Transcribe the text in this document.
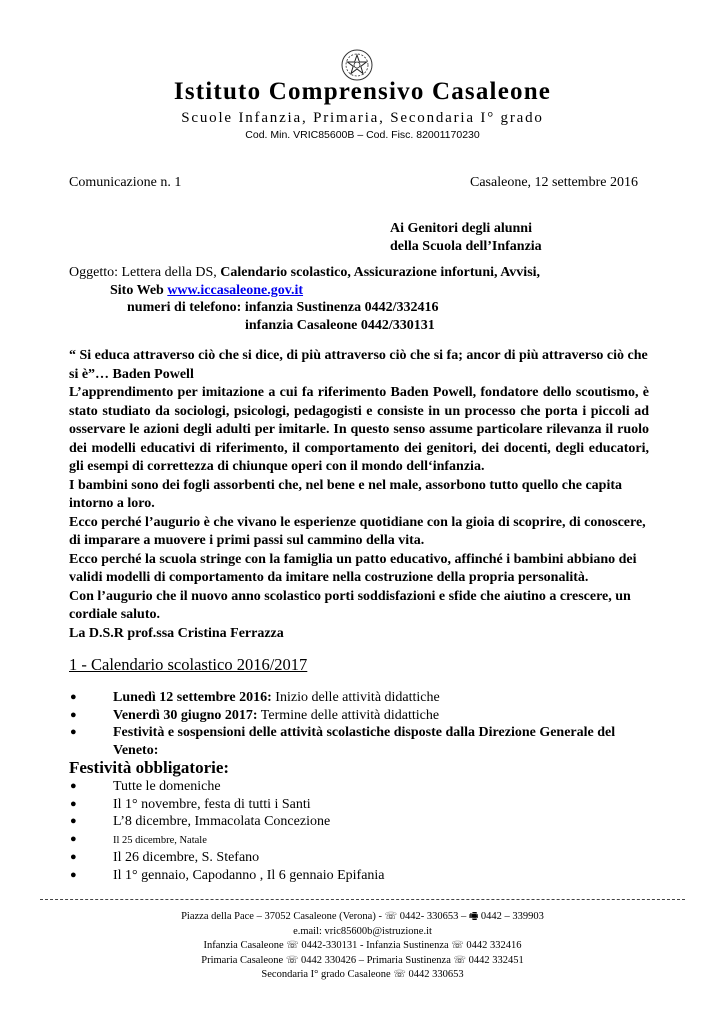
Istituto Comprensivo Casaleone
Scuole Infanzia, Primaria, Secondaria I° grado
Cod. Min. VRIC85600B – Cod. Fisc. 82001170230
Comunicazione n. 1	Casaleone, 12 settembre 2016
Ai Genitori degli alunni
della Scuola dell’Infanzia
Oggetto: Lettera della DS, Calendario scolastico, Assicurazione infortuni, Avvisi,
Sito Web www.iccasaleone.gov.it
numeri di telefono: infanzia Sustinenza 0442/332416
infanzia Casaleone 0442/330131

“ Si educa attraverso ciò che si dice, di più attraverso ciò che si fa; ancor di più attraverso ciò che si è”… Baden Powell

L’apprendimento per imitazione a cui fa riferimento Baden Powell, fondatore dello scoutismo, è stato studiato da sociologi, psicologi, pedagogisti e consiste in un processo che porta i piccoli ad osservare le azioni degli adulti per imitarle. In questo senso assume particolare rilevanza il ruolo dei modelli educativi di riferimento, il comportamento dei genitori, dei docenti, degli educatori, gli esempi di correttezza di chiunque operi con il mondo dell‘infanzia.

I bambini sono dei fogli assorbenti che, nel bene e nel male, assorbono tutto quello che capita intorno a loro.

Ecco perché l’augurio è che vivano le esperienze quotidiane con la gioia di scoprire, di conoscere, di imparare a muovere i primi passi sul cammino della vita.

Ecco perché la scuola stringe con la famiglia un patto educativo, affinché i bambini abbiano dei validi modelli di comportamento da imitare nella costruzione della propria personalità.

Con l’augurio che il nuovo anno scolastico porti soddisfazioni e sfide che aiutino a crescere, un cordiale saluto.

La D.S.R prof.ssa Cristina Ferrazza

1 - Calendario scolastico 2016/2017
●	Lunedì 12 settembre 2016: Inizio delle attività didattiche
●	Venerdì 30 giugno 2017: Termine delle attività didattiche
●	Festività e sospensioni delle attività scolastiche disposte dalla Direzione Generale del Veneto:
Festività obbligatorie:
●	Tutte le domeniche
●	Il 1° novembre, festa di tutti i Santi
●	L’8 dicembre, Immacolata Concezione
●	Il 25 dicembre, Natale
●	Il 26 dicembre, S. Stefano
●	Il 1° gennaio, Capodanno , Il 6 gennaio Epifania
Piazza della Pace – 37052 Casaleone (Verona) - ☏ 0442- 330653 – 🖷 0442 – 339903
e.mail: vric85600b@istruzione.it
Infanzia Casaleone ☏ 0442-330131 - Infanzia Sustinenza ☏ 0442 332416
Primaria Casaleone ☏ 0442 330426 – Primaria Sustinenza ☏ 0442 332451
Secondaria I° grado Casaleone ☏ 0442 330653
